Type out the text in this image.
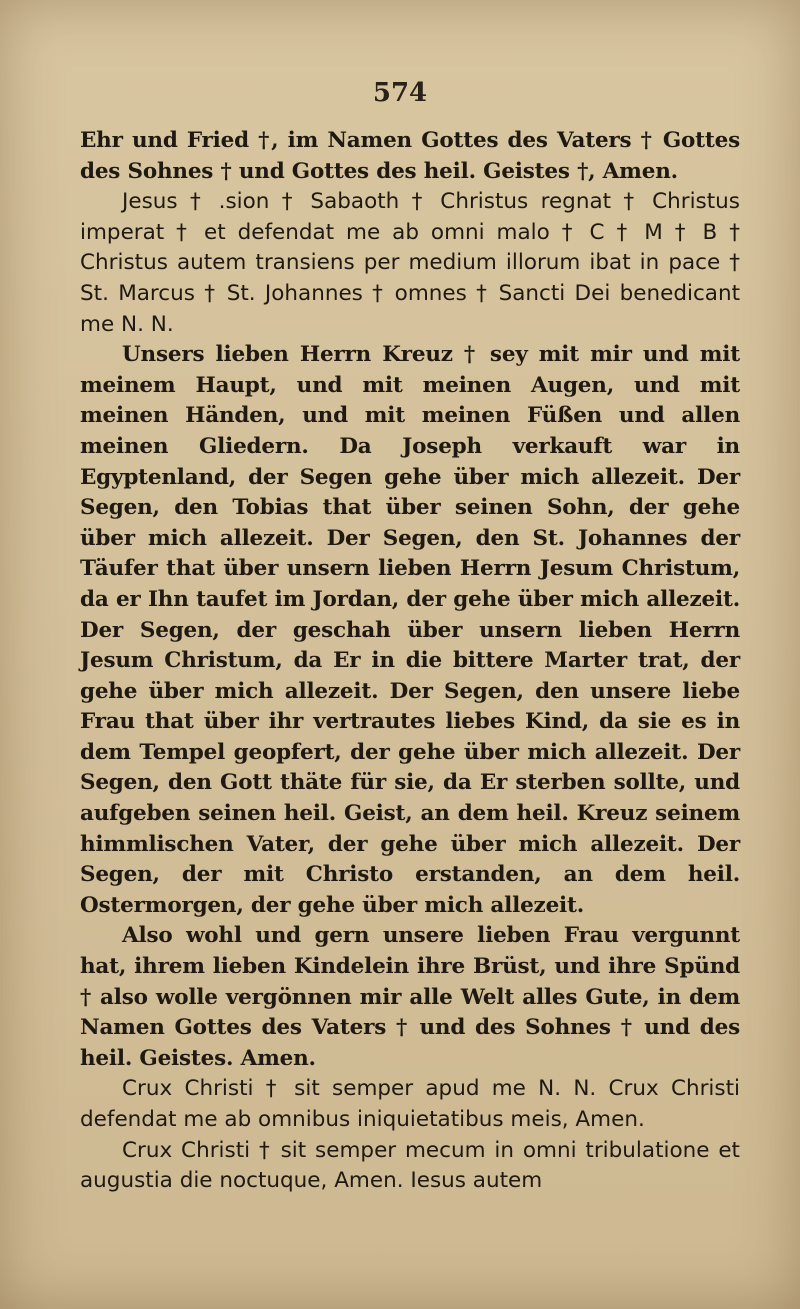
574

Ehr und Fried †, im Namen Gottes des Vaters † Gottes des Sohnes † und Gottes des heil. Geistes †, Amen.

Jesus † .sion † Sabaoth † Christus regnat † Christus imperat † et defendat me ab omni malo † C † M † B † Christus autem transiens per medium illorum ibat in pace † St. Marcus † St. Johannes † omnes † Sancti Dei benedicant me N. N.

Unsers lieben Herrn Kreuz † sey mit mir und mit meinem Haupt, und mit meinen Augen, und mit meinen Händen, und mit meinen Füßen und allen meinen Gliedern. Da Joseph verkauft war in Egyptenland, der Segen gehe über mich allezeit. Der Segen, den Tobias that über seinen Sohn, der gehe über mich allezeit. Der Segen, den St. Johannes der Täufer that über unsern lieben Herrn Jesum Christum, da er Ihn taufet im Jordan, der gehe über mich allezeit. Der Segen, der geschah über unsern lieben Herrn Jesum Christum, da Er in die bittere Marter trat, der gehe über mich allezeit. Der Segen, den unsere liebe Frau that über ihr vertrautes liebes Kind, da sie es in dem Tempel geopfert, der gehe über mich allezeit. Der Segen, den Gott thäte für sie, da Er sterben sollte, und aufgeben seinen heil. Geist, an dem heil. Kreuz seinem himmlischen Vater, der gehe über mich allezeit. Der Segen, der mit Christo erstanden, an dem heil. Ostermorgen, der gehe über mich allezeit.

Also wohl und gern unsere lieben Frau vergunnt hat, ihrem lieben Kindelein ihre Brüst, und ihre Spünd † also wolle vergönnen mir alle Welt alles Gute, in dem Namen Gottes des Vaters † und des Sohnes † und des heil. Geistes. Amen.

Crux Christi † sit semper apud me N. N. Crux Christi defendat me ab omnibus iniquietatibus meis, Amen.

Crux Christi † sit semper mecum in omni tribulatione et augustia die noctuque, Amen. Iesus autem
